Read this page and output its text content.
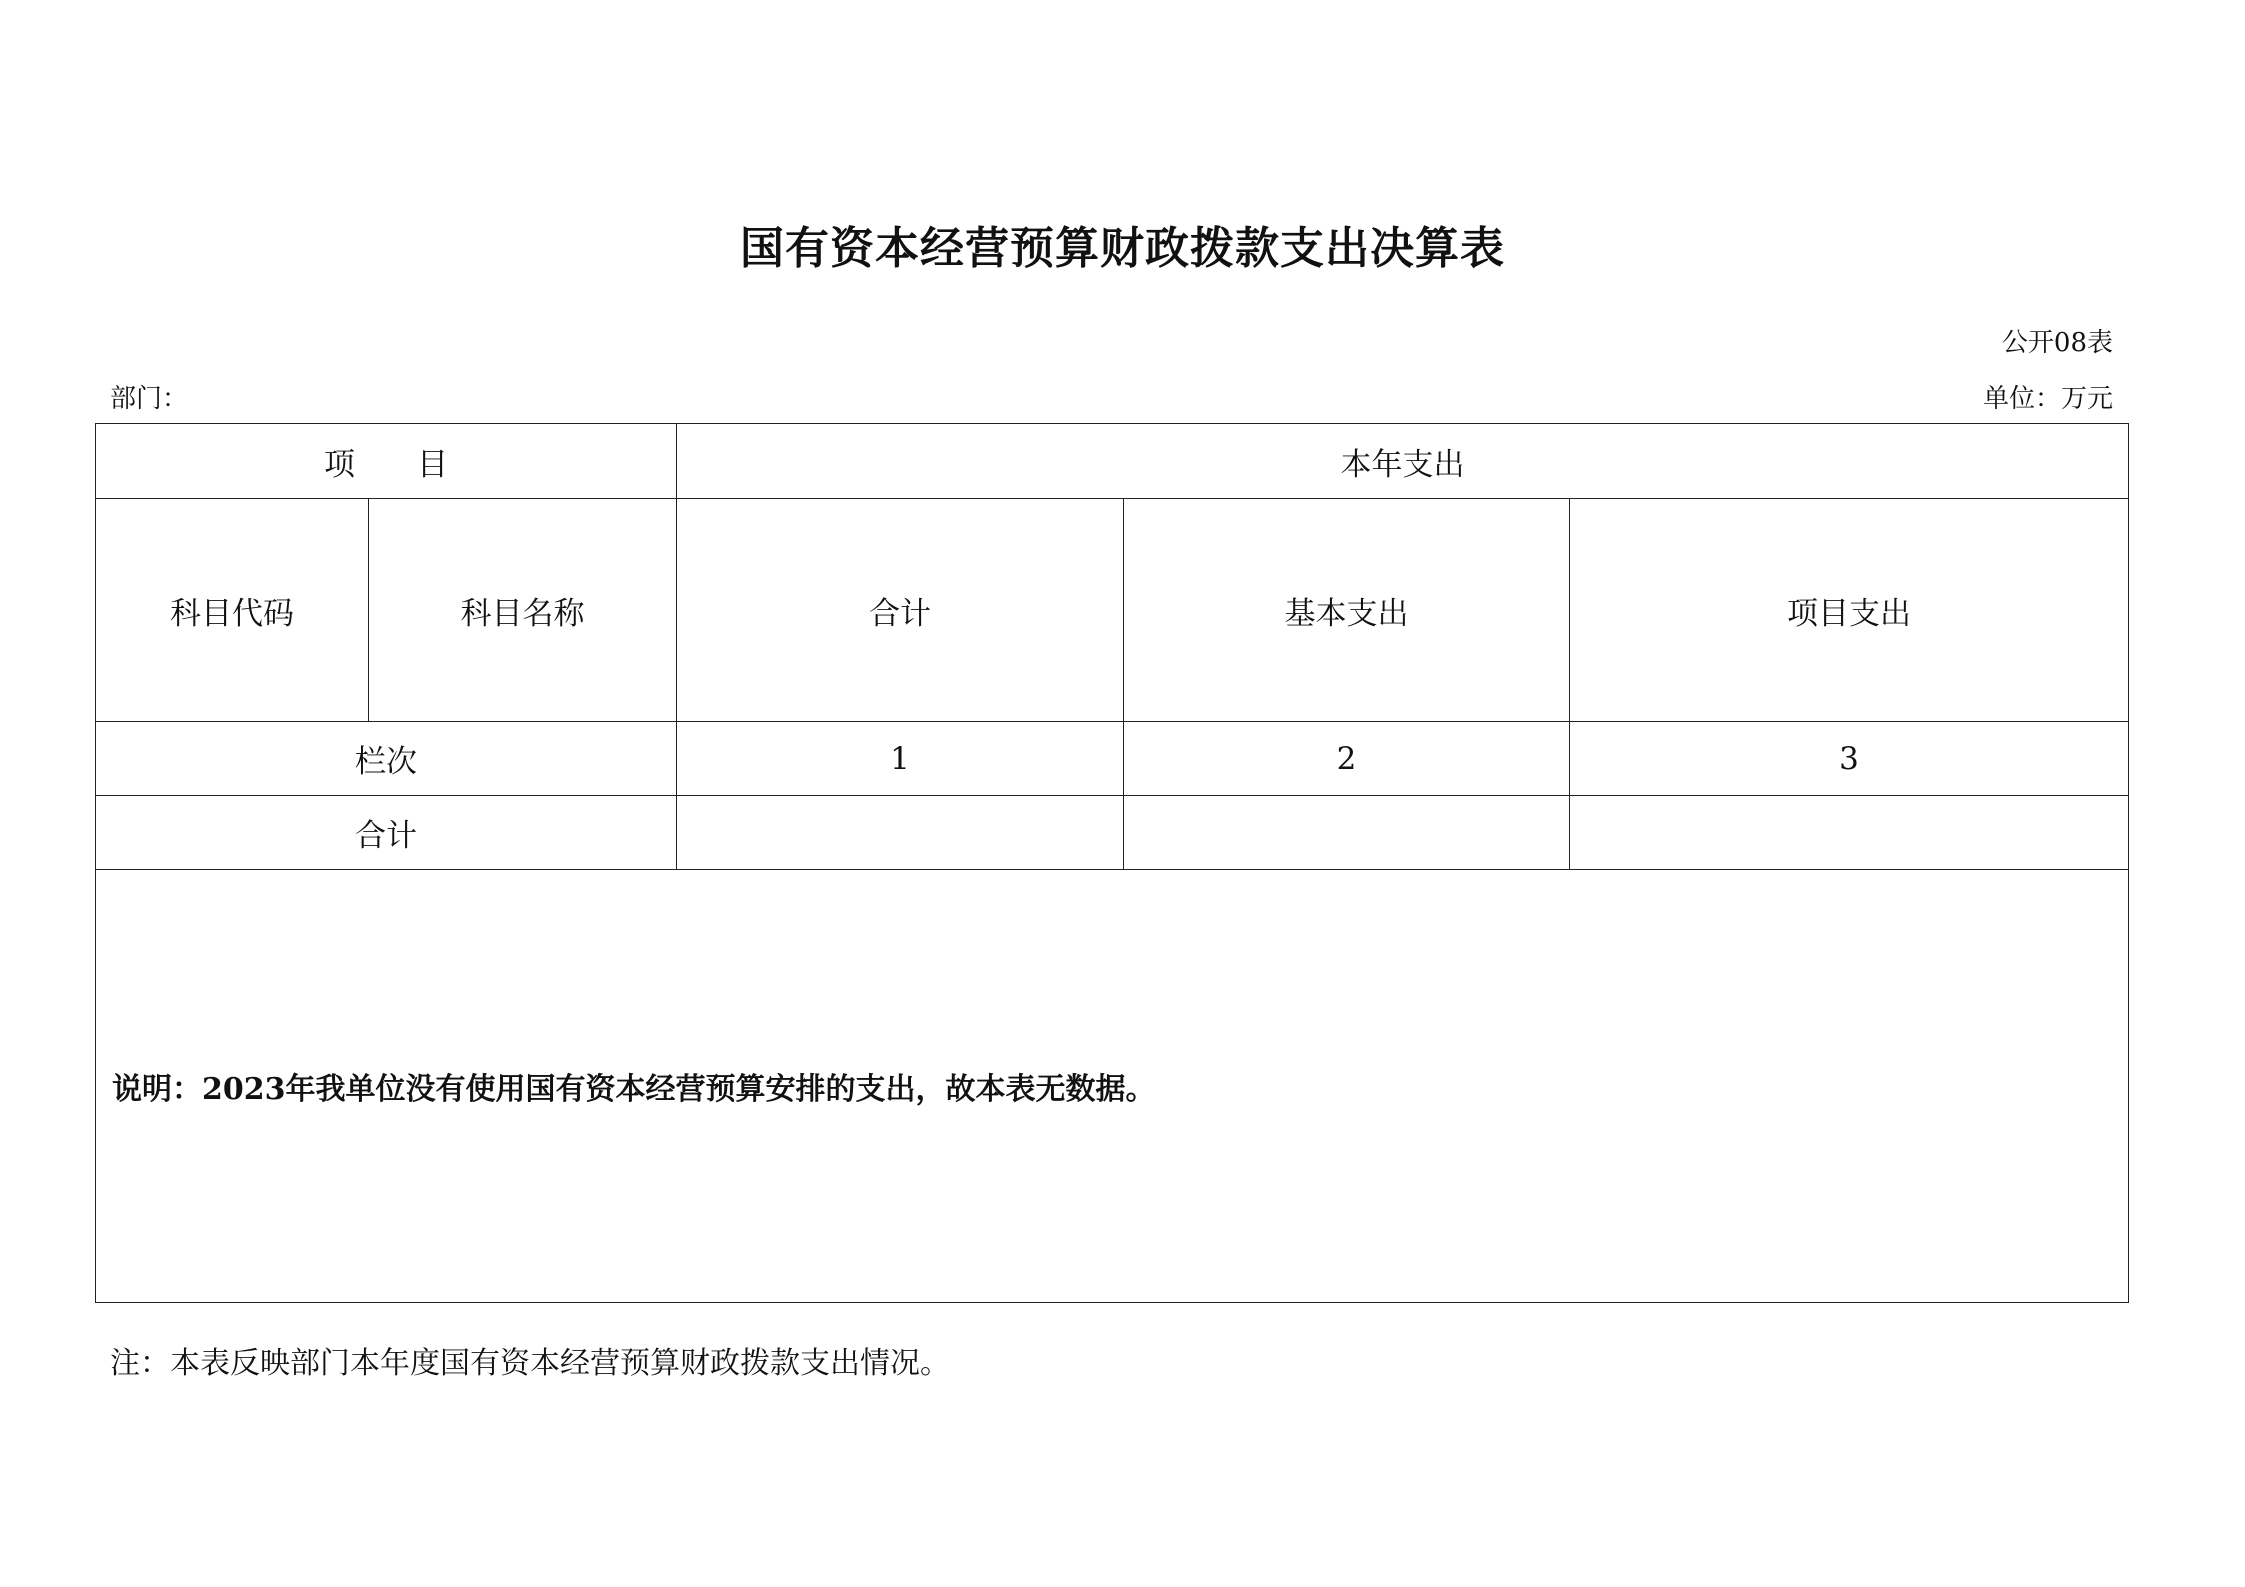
国有资本经营预算财政拨款支出决算表
公开08表
部门：	单位：万元
项　　目		本年支出		
科目代码	科目名称	合计	基本支出	项目支出
栏次		1	2	3
合计				
说明：2023年我单位没有使用国有资本经营预算安排的支出，故本表无数据。				
注：本表反映部门本年度国有资本经营预算财政拨款支出情况。
